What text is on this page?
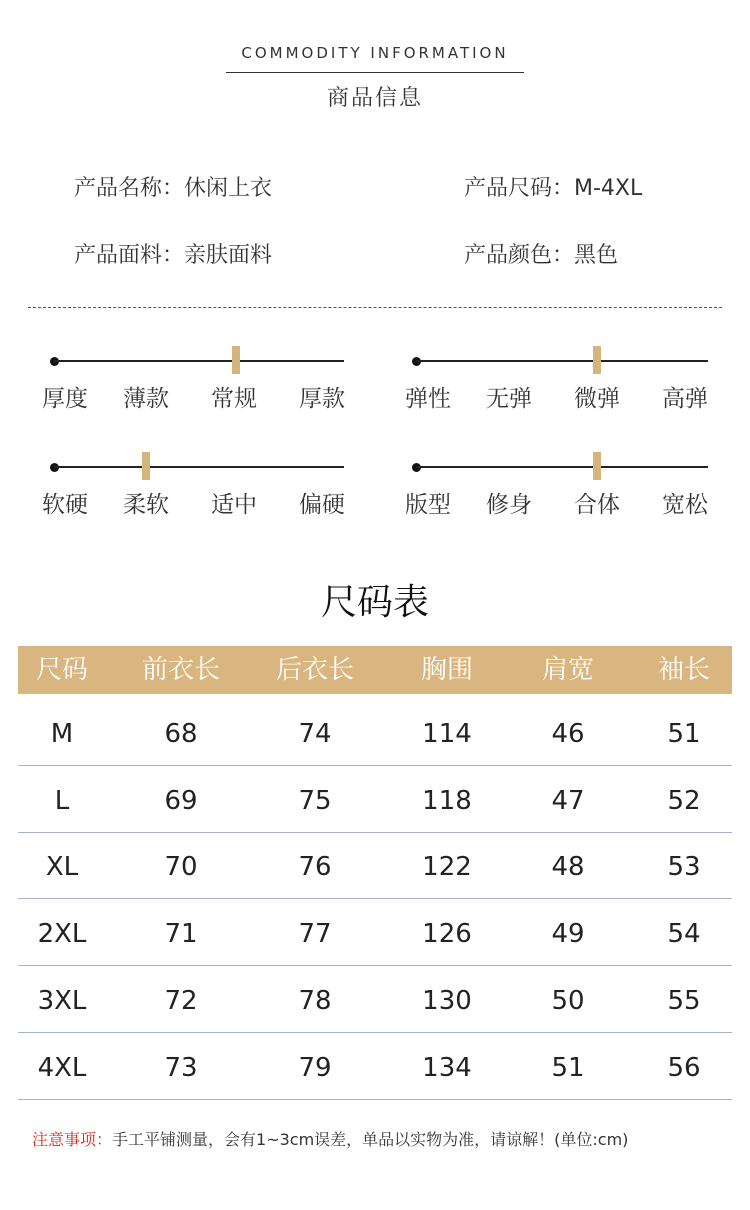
COMMODITY INFORMATION
商品信息
产品名称：休闲上衣	产品尺码：M-4XL
产品面料：亲肤面料	产品颜色：黑色
厚度	薄款	常规	厚款	弹性	无弹	微弹	高弹
软硬	柔软	适中	偏硬	版型	修身	合体	宽松
尺码表
尺码	前衣长	后衣长	胸围	肩宽	袖长
M	68	74	114	46	51
L	69	75	118	47	52
XL	70	76	122	48	53
2XL	71	77	126	49	54
3XL	72	78	130	50	55
4XL	73	79	134	51	56
注意事项：手工平铺测量，会有1~3cm误差，单品以实物为准，请谅解！(单位:cm)
